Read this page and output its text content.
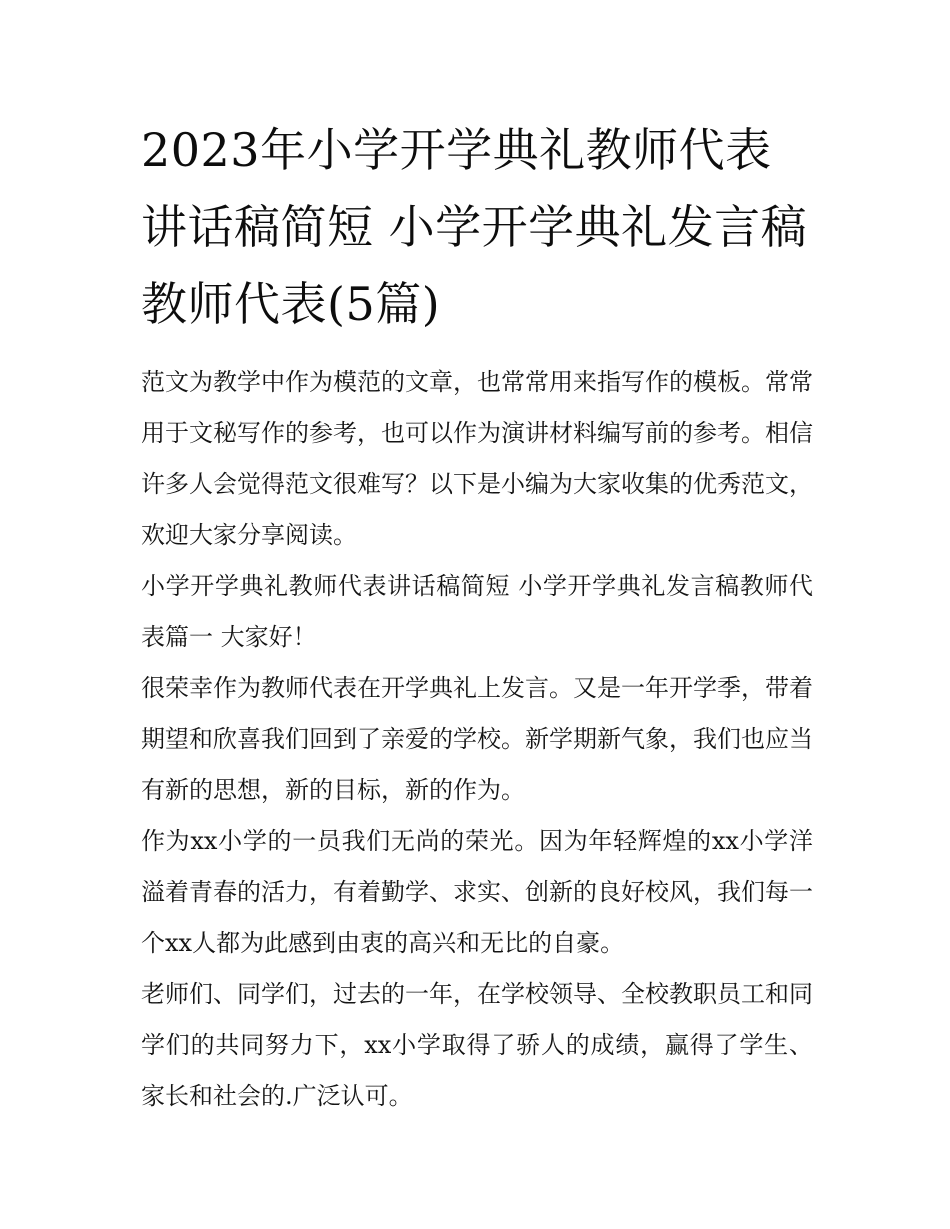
2023年小学开学典礼教师代表讲话稿简短 小学开学典礼发言稿教师代表(5篇)

范文为教学中作为模范的文章，也常常用来指写作的模板。常常用于文秘写作的参考，也可以作为演讲材料编写前的参考。相信许多人会觉得范文很难写？以下是小编为大家收集的优秀范文，欢迎大家分享阅读。

小学开学典礼教师代表讲话稿简短 小学开学典礼发言稿教师代表篇一 大家好！

很荣幸作为教师代表在开学典礼上发言。又是一年开学季，带着期望和欣喜我们回到了亲爱的学校。新学期新气象，我们也应当有新的思想，新的目标，新的作为。

作为xx小学的一员我们无尚的荣光。因为年轻辉煌的xx小学洋溢着青春的活力，有着勤学、求实、创新的良好校风，我们每一个xx人都为此感到由衷的高兴和无比的自豪。

老师们、同学们，过去的一年，在学校领导、全校教职员工和同学们的共同努力下，xx小学取得了骄人的成绩，赢得了学生、家长和社会的.广泛认可。
